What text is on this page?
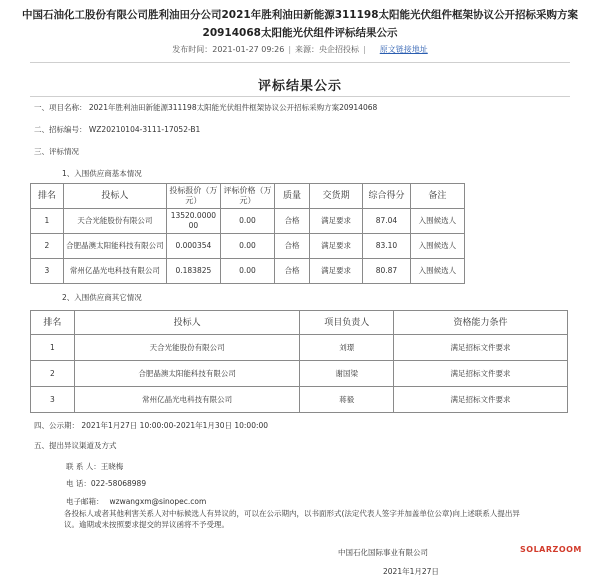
中国石油化工股份有限公司胜利油田分公司2021年胜利油田新能源311198太阳能光伏组件框架协议公开招标采购方案20914068太阳能光伏组件评标结果公示
发布时间：2021-01-27 09:26 | 来源：央企招投标 | 原文链接地址
评标结果公示
一、项目名称： 2021年胜利油田新能源311198太阳能光伏组件框架协议公开招标采购方案20914068
二、招标编号： WZ20210104-3111-17052-B1
三、评标情况
1、入围供应商基本情况
排名	投标人	投标报价（万元）	评标价格（万元）	质量	交货期	综合得分	备注
1	天合光能股份有限公司	13520.000000	0.00	合格	满足要求	87.04	入围候选人
2	合肥晶澳太阳能科技有限公司	0.000354	0.00	合格	满足要求	83.10	入围候选人
3	常州亿晶光电科技有限公司	0.183825	0.00	合格	满足要求	80.87	入围候选人
2、入围供应商其它情况
排名	投标人	项目负责人	资格能力条件
1	天合光能股份有限公司	刘璟	满足招标文件要求
2	合肥晶澳太阳能科技有限公司	谢国梁	满足招标文件要求
3	常州亿晶光电科技有限公司	蒋毅	满足招标文件要求
四、公示期： 2021年1月27日 10:00:00-2021年1月30日 10:00:00
五、提出异议渠道及方式
联 系 人：王晓梅
电 话：022-58068989
电子邮箱： wzwangxm@sinopec.com
各投标人或者其他利害关系人对中标候选人有异议的，可以在公示期内，以书面形式(法定代表人签字并加盖单位公章)向上述联系人提出异议。逾期或未按照要求提交的异议函将不予受理。
中国石化国际事业有限公司	SOLARZOOM
2021年1月27日
